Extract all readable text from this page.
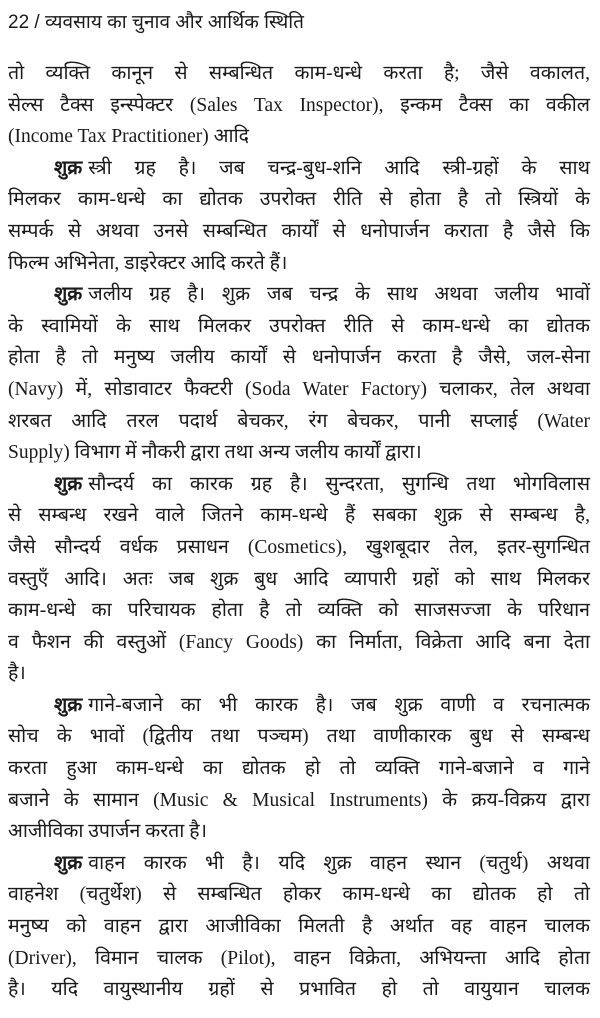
22 / व्यवसाय का चुनाव और आर्थिक स्थिति
तो व्यक्ति कानून से सम्बन्धित काम-धन्धे करता है; जैसे वकालत,
सेल्स टैक्स इन्स्पेक्टर (Sales Tax Inspector), इन्कम टैक्स का वकील
(Income Tax Practitioner) आदि
शुक्र स्त्री ग्रह है। जब चन्द्र-बुध-शनि आदि स्त्री-ग्रहों के साथ
मिलकर काम-धन्धे का द्योतक उपरोक्त रीति से होता है तो स्त्रियों के
सम्पर्क से अथवा उनसे सम्बन्धित कार्यों से धनोपार्जन कराता है जैसे कि
फिल्म अभिनेता, डाइरेक्टर आदि करते हैं।
शुक्र जलीय ग्रह है। शुक्र जब चन्द्र के साथ अथवा जलीय भावों
के स्वामियों के साथ मिलकर उपरोक्त रीति से काम-धन्धे का द्योतक
होता है तो मनुष्य जलीय कार्यों से धनोपार्जन करता है जैसे, जल-सेना
(Navy) में, सोडावाटर फैक्टरी (Soda Water Factory) चलाकर, तेल अथवा
शरबत आदि तरल पदार्थ बेचकर, रंग बेचकर, पानी सप्लाई (Water
Supply) विभाग में नौकरी द्वारा तथा अन्य जलीय कार्यों द्वारा।
शुक्र सौन्दर्य का कारक ग्रह है। सुन्दरता, सुगन्धि तथा भोगविलास
से सम्बन्ध रखने वाले जितने काम-धन्धे हैं सबका शुक्र से सम्बन्ध है,
जैसे सौन्दर्य वर्धक प्रसाधन (Cosmetics), खुशबूदार तेल, इतर-सुगन्धित
वस्तुएँ आदि। अतः जब शुक्र बुध आदि व्यापारी ग्रहों को साथ मिलकर
काम-धन्धे का परिचायक होता है तो व्यक्ति को साजसज्जा के परिधान
व फैशन की वस्तुओं (Fancy Goods) का निर्माता, विक्रेता आदि बना देता
है।
शुक्र गाने-बजाने का भी कारक है। जब शुक्र वाणी व रचनात्मक
सोच के भावों (द्वितीय तथा पञ्चम) तथा वाणीकारक बुध से सम्बन्ध
करता हुआ काम-धन्धे का द्योतक हो तो व्यक्ति गाने-बजाने व गाने
बजाने के सामान (Music & Musical Instruments) के क्रय-विक्रय द्वारा
आजीविका उपार्जन करता है।
शुक्र वाहन कारक भी है। यदि शुक्र वाहन स्थान (चतुर्थ) अथवा
वाहनेश (चतुर्थेश) से सम्बन्धित होकर काम-धन्धे का द्योतक हो तो
मनुष्य को वाहन द्वारा आजीविका मिलती है अर्थात वह वाहन चालक
(Driver), विमान चालक (Pilot), वाहन विक्रेता, अभियन्ता आदि होता
है। यदि वायुस्थानीय ग्रहों से प्रभावित हो तो वायुयान चालक
